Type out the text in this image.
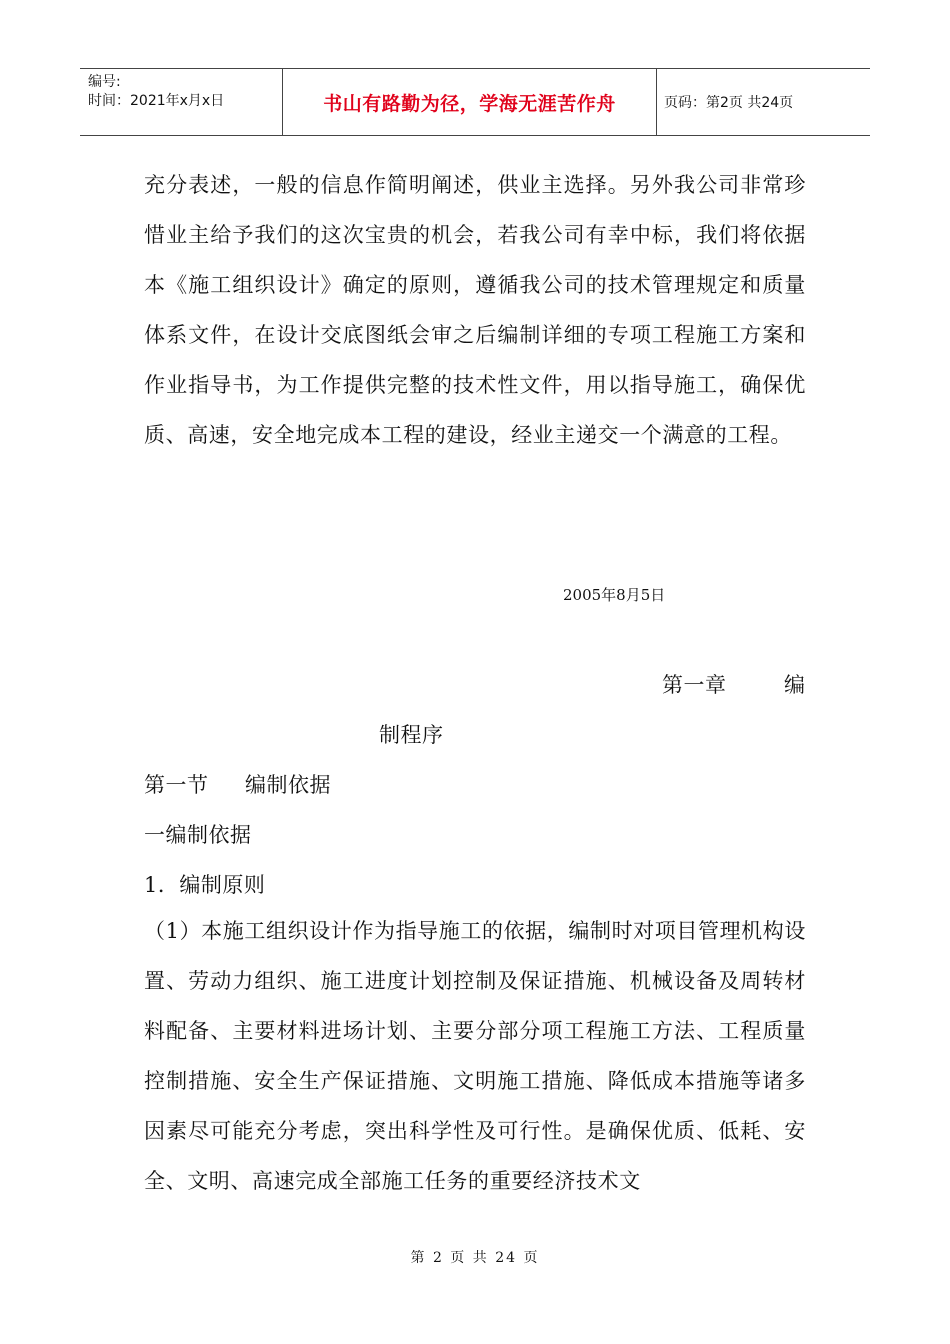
编号:
时间：2021年x月x日	书山有路勤为径，学海无涯苦作舟	页码：第2页 共24页

充分表述，一般的信息作简明阐述，供业主选择。另外我公司非常珍惜业主给予我们的这次宝贵的机会，若我公司有幸中标，我们将依据本《施工组织设计》确定的原则，遵循我公司的技术管理规定和质量体系文件，在设计交底图纸会审之后编制详细的专项工程施工方案和作业指导书，为工作提供完整的技术性文件，用以指导施工，确保优质、高速，安全地完成本工程的建设，经业主递交一个满意的工程。

2005年8月5日
第一章	编
制程序
第一节 编制依据
一编制依据
1．编制原则

（1）本施工组织设计作为指导施工的依据，编制时对项目管理机构设置、劳动力组织、施工进度计划控制及保证措施、机械设备及周转材料配备、主要材料进场计划、主要分部分项工程施工方法、工程质量控制措施、安全生产保证措施、文明施工措施、降低成本措施等诸多因素尽可能充分考虑，突出科学性及可行性。是确保优质、低耗、安全、文明、高速完成全部施工任务的重要经济技术文

第 2 页 共 24 页
